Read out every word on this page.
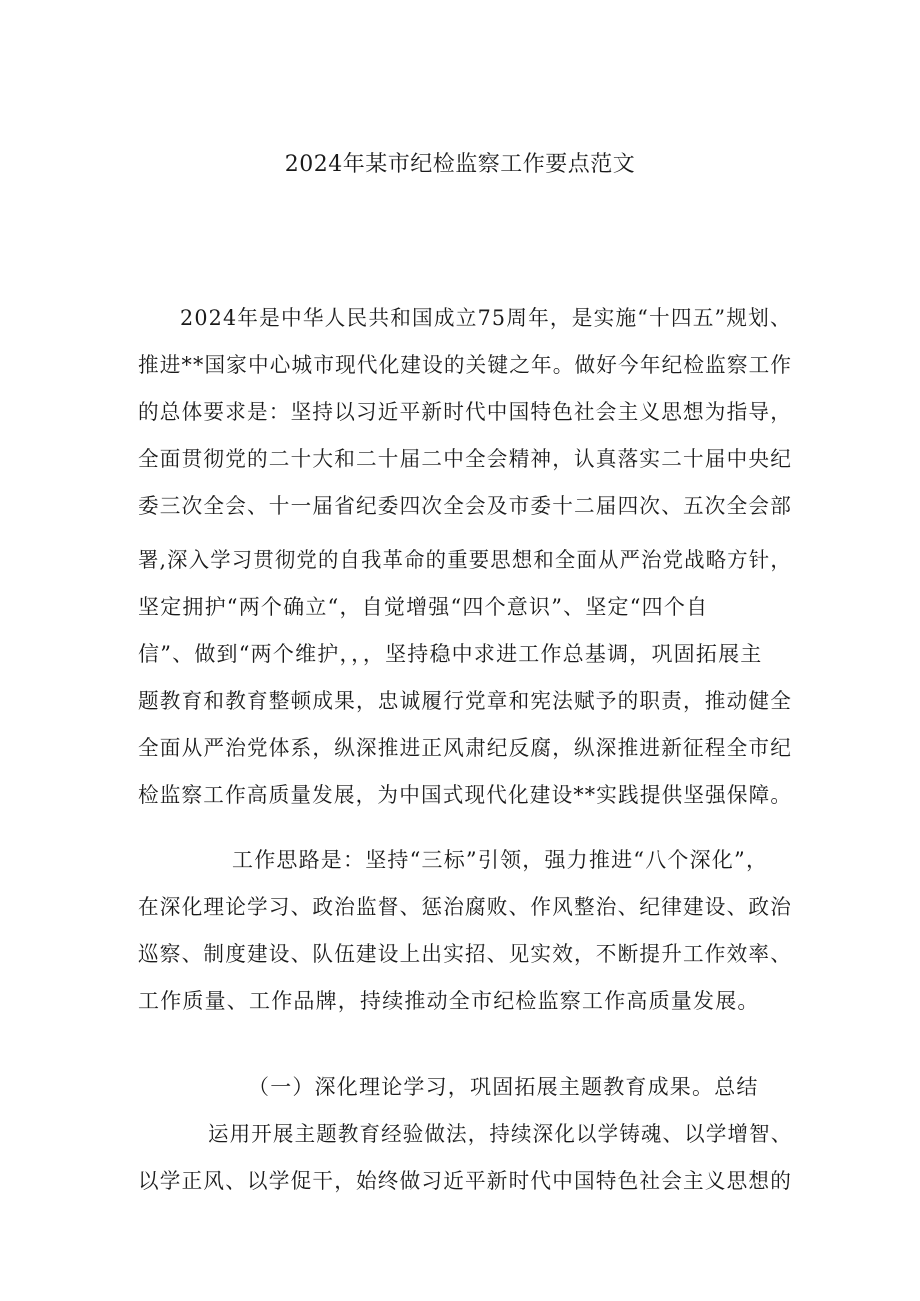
2024年某市纪检监察工作要点范文
2024年是中华人民共和国成立75周年，是实施“十四五”规划、
推进**国家中心城市现代化建设的关键之年。做好今年纪检监察工作
的总体要求是：坚持以习近平新时代中国特色社会主义思想为指导，
全面贯彻党的二十大和二十届二中全会精神，认真落实二十届中央纪
委三次全会、十一届省纪委四次全会及市委十二届四次、五次全会部
署,深入学习贯彻党的自我革命的重要思想和全面从严治党战略方针，
坚定拥护“两个确立“，自觉增强“四个意识”、坚定“四个自
信”、做到“两个维护，，，坚持稳中求进工作总基调，巩固拓展主
题教育和教育整顿成果，忠诚履行党章和宪法赋予的职责，推动健全
全面从严治党体系，纵深推进正风肃纪反腐，纵深推进新征程全市纪
检监察工作高质量发展，为中国式现代化建设**实践提供坚强保障。
工作思路是：坚持“三标”引领，强力推进“八个深化”，
在深化理论学习、政治监督、惩治腐败、作风整治、纪律建设、政治
巡察、制度建设、队伍建设上出实招、见实效，不断提升工作效率、
工作质量、工作品牌，持续推动全市纪检监察工作高质量发展。
（一）深化理论学习，巩固拓展主题教育成果。总结
运用开展主题教育经验做法，持续深化以学铸魂、以学增智、
以学正风、以学促干，始终做习近平新时代中国特色社会主义思想的
